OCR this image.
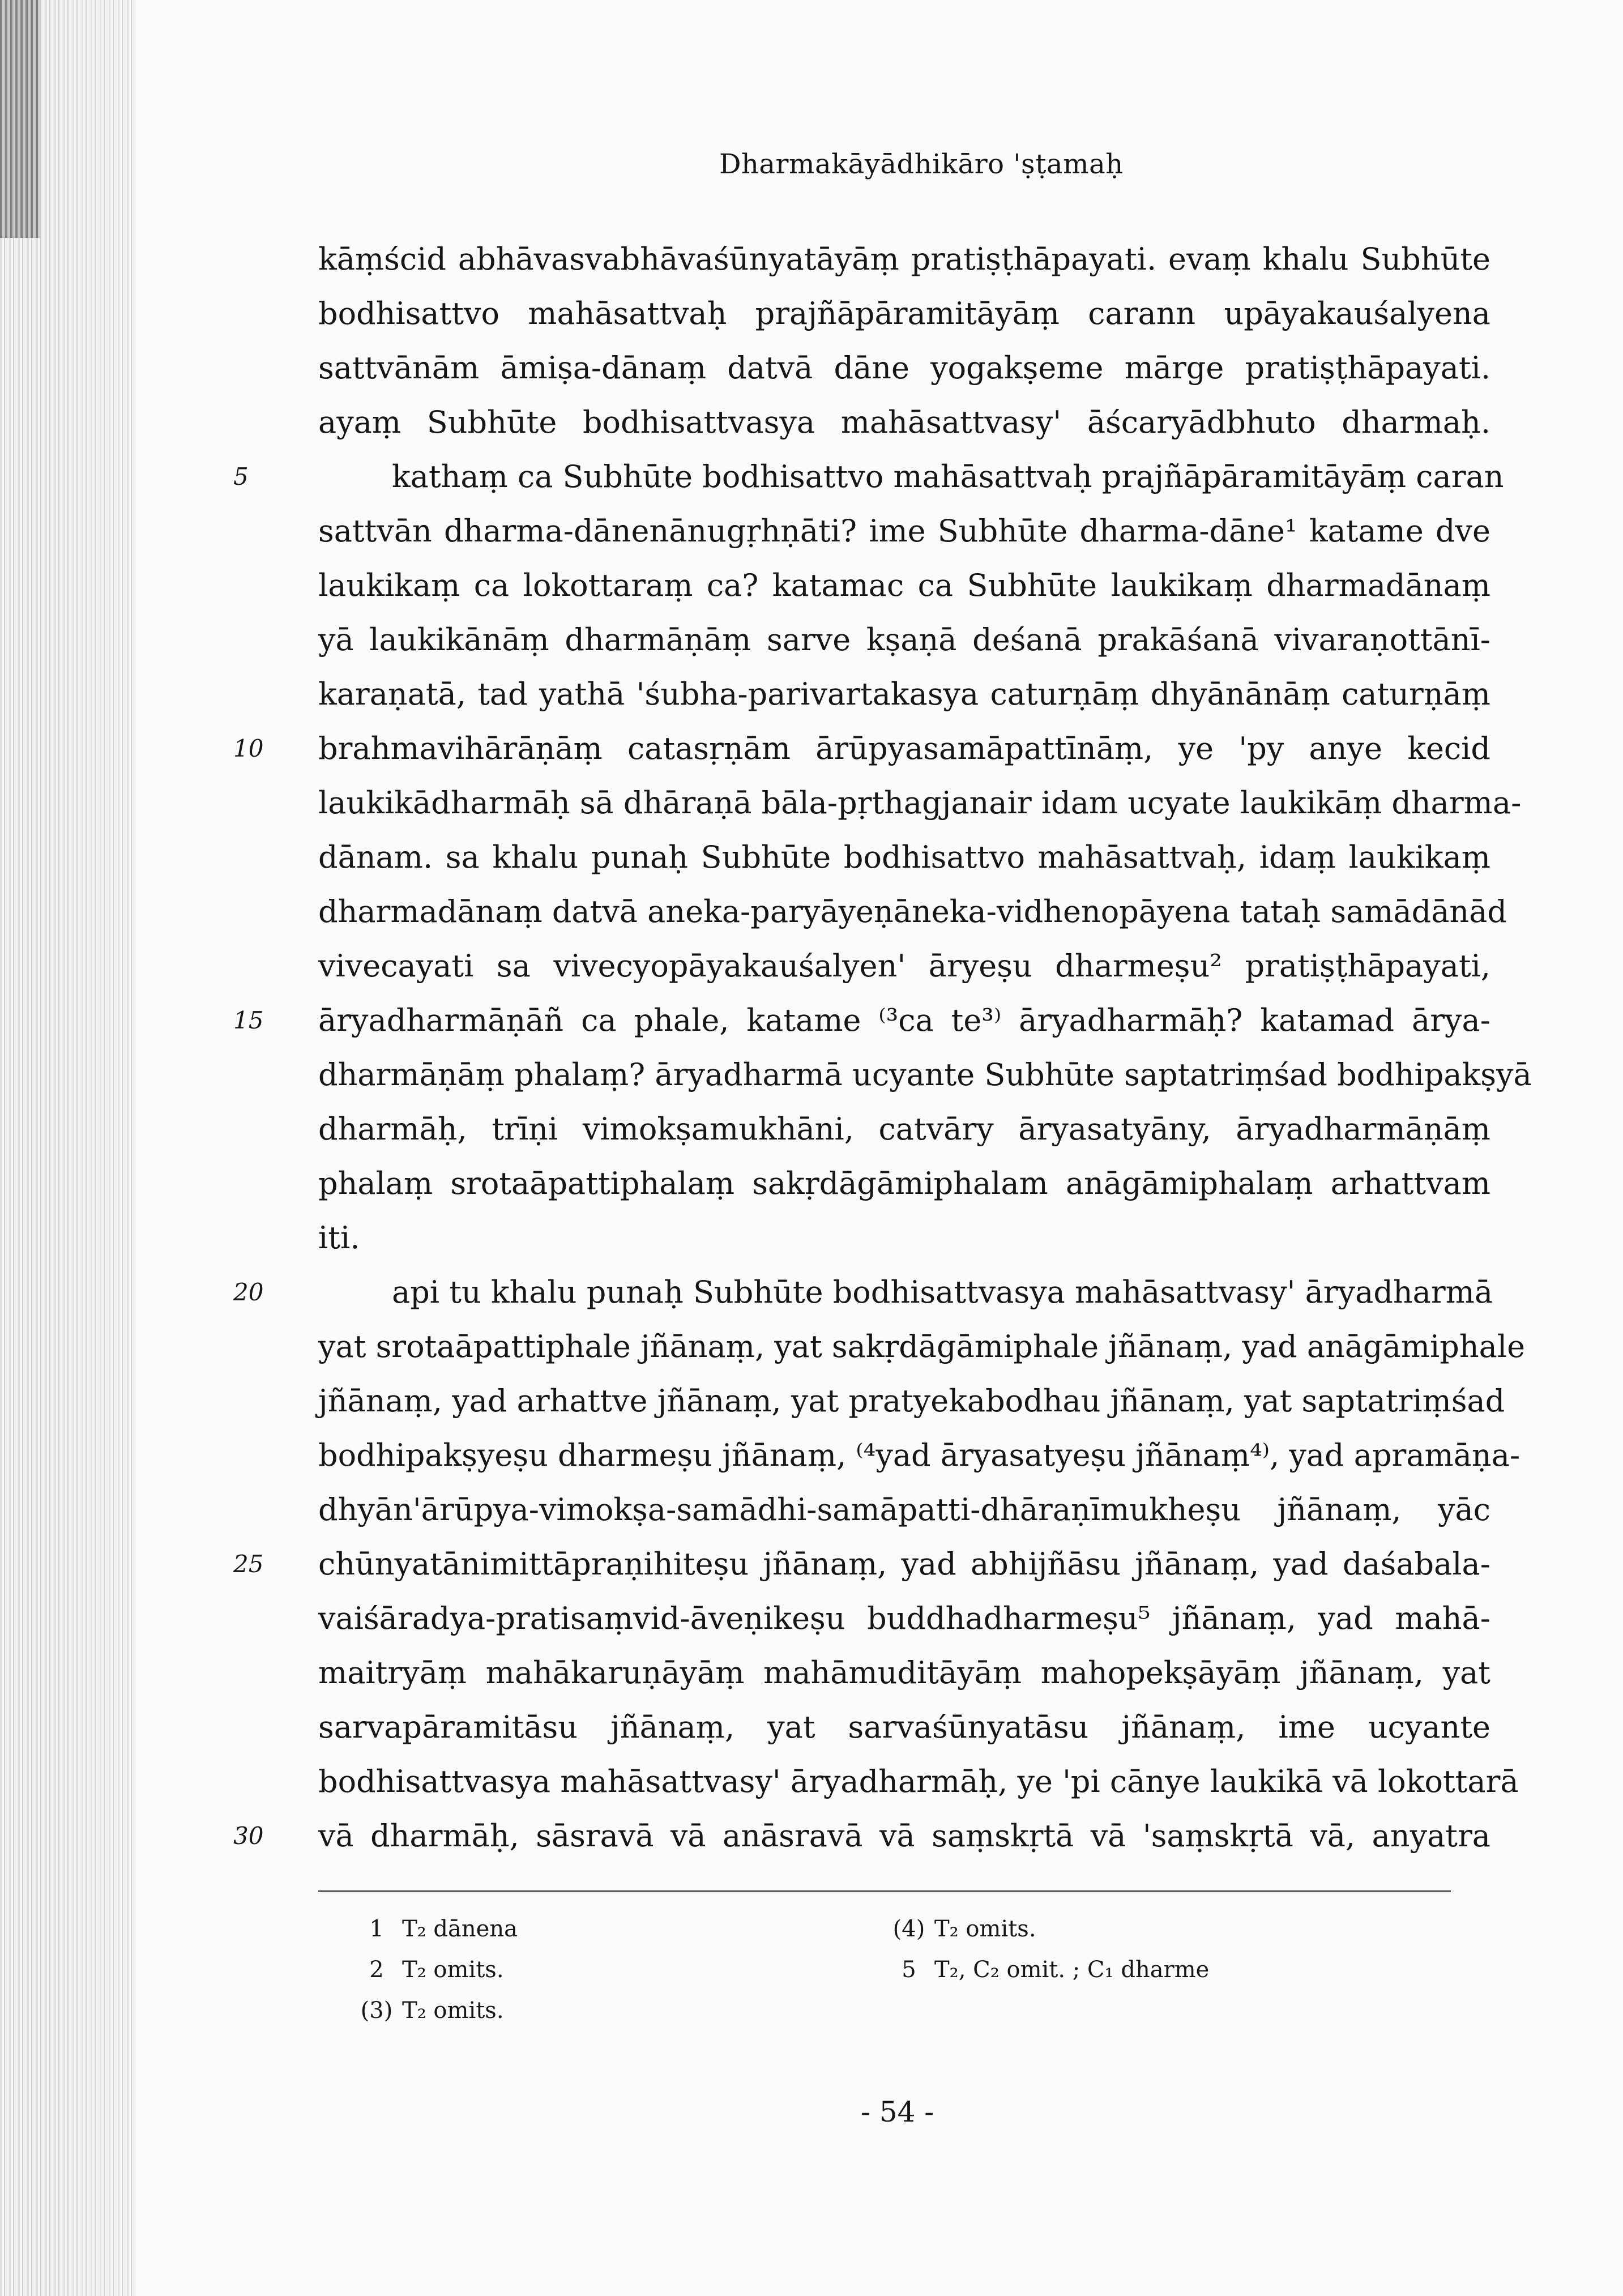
Dharmakāyādhikāro 'ṣṭamaḥ
kāṃścid abhāvasvabhāvaśūnyatāyāṃ pratiṣṭhāpayati. evaṃ khalu Subhūte
bodhisattvo mahāsattvaḥ prajñāpāramitāyāṃ carann upāyakauśalyena
sattvānām āmiṣa-dānaṃ datvā dāne yogakṣeme mārge pratiṣṭhāpayati.
ayaṃ Subhūte bodhisattvasya mahāsattvasy' āścaryādbhuto dharmaḥ.
5	kathaṃ ca Subhūte bodhisattvo mahāsattvaḥ prajñāpāramitāyāṃ caran
sattvān dharma-dānenānugṛhṇāti? ime Subhūte dharma-dāne¹ katame dve
laukikaṃ ca lokottaraṃ ca? katamac ca Subhūte laukikaṃ dharmadānaṃ
yā laukikānāṃ dharmāṇāṃ sarve kṣaṇā deśanā prakāśanā vivaraṇottānī-
karaṇatā, tad yathā 'śubha-parivartakasya caturṇāṃ dhyānānāṃ caturṇāṃ
10	brahmavihārāṇāṃ catasṛṇām ārūpyasamāpattīnāṃ, ye 'py anye kecid
laukikādharmāḥ sā dhāraṇā bāla-pṛthagjanair idam ucyate laukikāṃ dharma-
dānam. sa khalu punaḥ Subhūte bodhisattvo mahāsattvaḥ, idaṃ laukikaṃ
dharmadānaṃ datvā aneka-paryāyeṇāneka-vidhenopāyena tataḥ samādānād
vivecayati sa vivecyopāyakauśalyen' āryeṣu dharmeṣu² pratiṣṭhāpayati,
15	āryadharmāṇāñ ca phale, katame ⁽³ca te³⁾ āryadharmāḥ? katamad ārya-
dharmāṇāṃ phalaṃ? āryadharmā ucyante Subhūte saptatriṃśad bodhipakṣyā
dharmāḥ, trīṇi vimokṣamukhāni, catvāry āryasatyāny, āryadharmāṇāṃ
phalaṃ srotaāpattiphalaṃ sakṛdāgāmiphalam anāgāmiphalaṃ arhattvam
iti.
20	api tu khalu punaḥ Subhūte bodhisattvasya mahāsattvasy' āryadharmā
yat srotaāpattiphale jñānaṃ, yat sakṛdāgāmiphale jñānaṃ, yad anāgāmiphale
jñānaṃ, yad arhattve jñānaṃ, yat pratyekabodhau jñānaṃ, yat saptatriṃśad
bodhipakṣyeṣu dharmeṣu jñānaṃ, ⁽⁴yad āryasatyeṣu jñānaṃ⁴⁾, yad apramāṇa-
dhyān'ārūpya-vimokṣa-samādhi-samāpatti-dhāraṇīmukheṣu jñānaṃ, yāc
25	chūnyatānimittāpraṇihiteṣu jñānaṃ, yad abhijñāsu jñānaṃ, yad daśabala-
vaiśāradya-pratisaṃvid-āveṇikeṣu buddhadharmeṣu⁵ jñānaṃ, yad mahā-
maitryāṃ mahākaruṇāyāṃ mahāmuditāyāṃ mahopekṣāyāṃ jñānaṃ, yat
sarvapāramitāsu jñānaṃ, yat sarvaśūnyatāsu jñānaṃ, ime ucyante
bodhisattvasya mahāsattvasy' āryadharmāḥ, ye 'pi cānye laukikā vā lokottarā
30	vā dharmāḥ, sāsravā vā anāsravā vā saṃskṛtā vā 'saṃskṛtā vā, anyatra
1 T₂ dānena
2 T₂ omits.
(3) T₂ omits.
(4) T₂ omits.
5 T₂, C₂ omit. ; C₁ dharme
- 54 -
